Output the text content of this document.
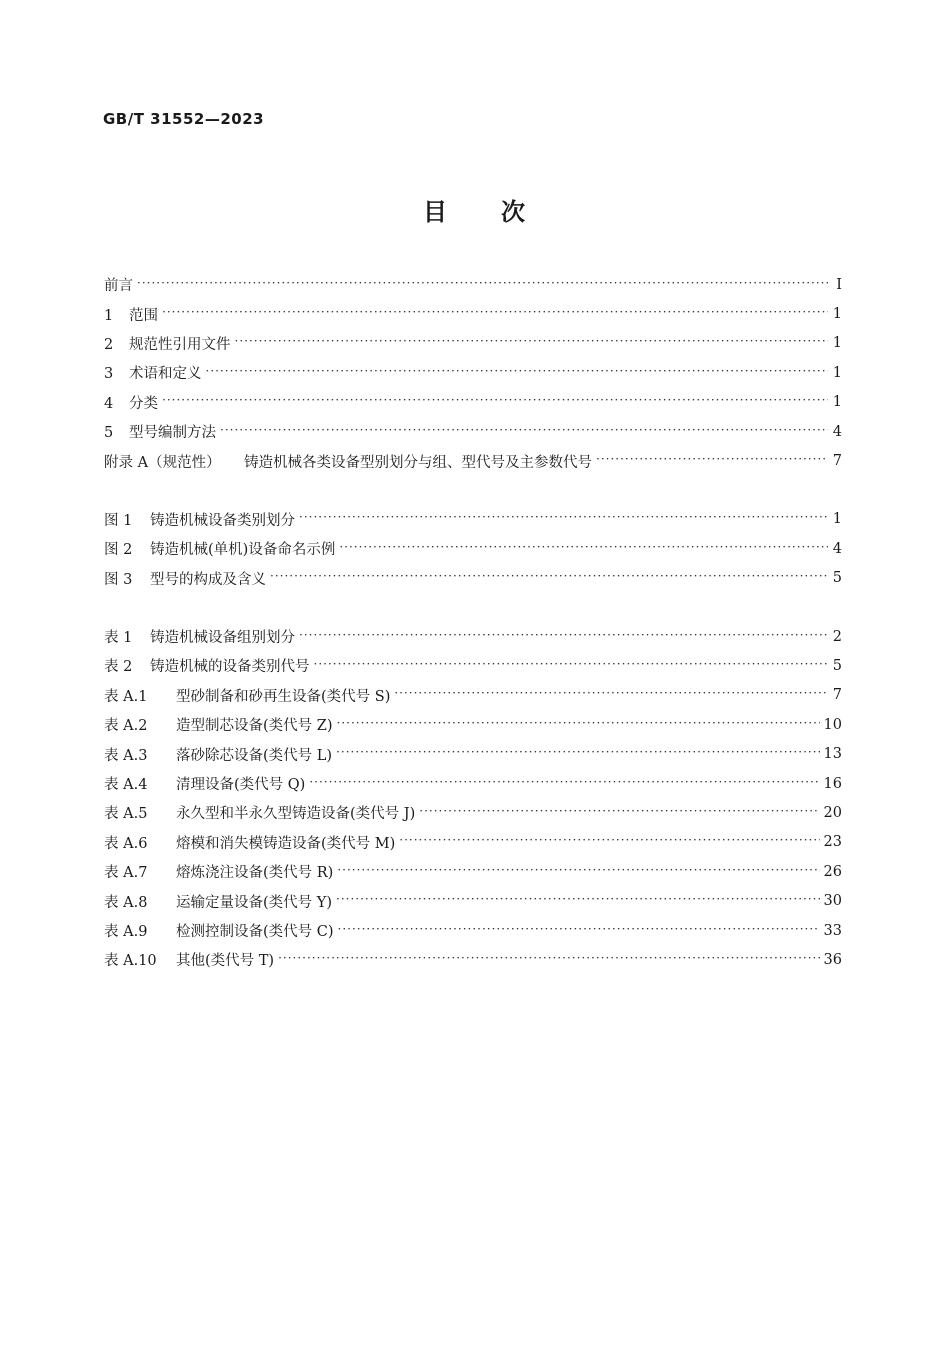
GB/T 31552—2023
目　　次
前言 ·····	Ⅰ
1 范围 ·····	1
2 规范性引用文件 ·····	1
3 术语和定义 ·····	1
4 分类 ·····	1
5 型号编制方法 ·····	4
附录 A（规范性） 铸造机械各类设备型别划分与组、型代号及主参数代号 ·····	7
图 1 铸造机械设备类别划分 ·····	1
图 2 铸造机械(单机)设备命名示例 ·····	4
图 3 型号的构成及含义 ·····	5
表 1 铸造机械设备组别划分 ·····	2
表 2 铸造机械的设备类别代号 ·····	5
表 A.1 型砂制备和砂再生设备(类代号 S) ·····	7
表 A.2 造型制芯设备(类代号 Z) ·····	10
表 A.3 落砂除芯设备(类代号 L) ·····	13
表 A.4 清理设备(类代号 Q) ·····	16
表 A.5 永久型和半永久型铸造设备(类代号 J) ·····	20
表 A.6 熔模和消失模铸造设备(类代号 M) ·····	23
表 A.7 熔炼浇注设备(类代号 R) ·····	26
表 A.8 运输定量设备(类代号 Y) ·····	30
表 A.9 检测控制设备(类代号 C) ·····	33
表 A.10 其他(类代号 T) ·····	36
